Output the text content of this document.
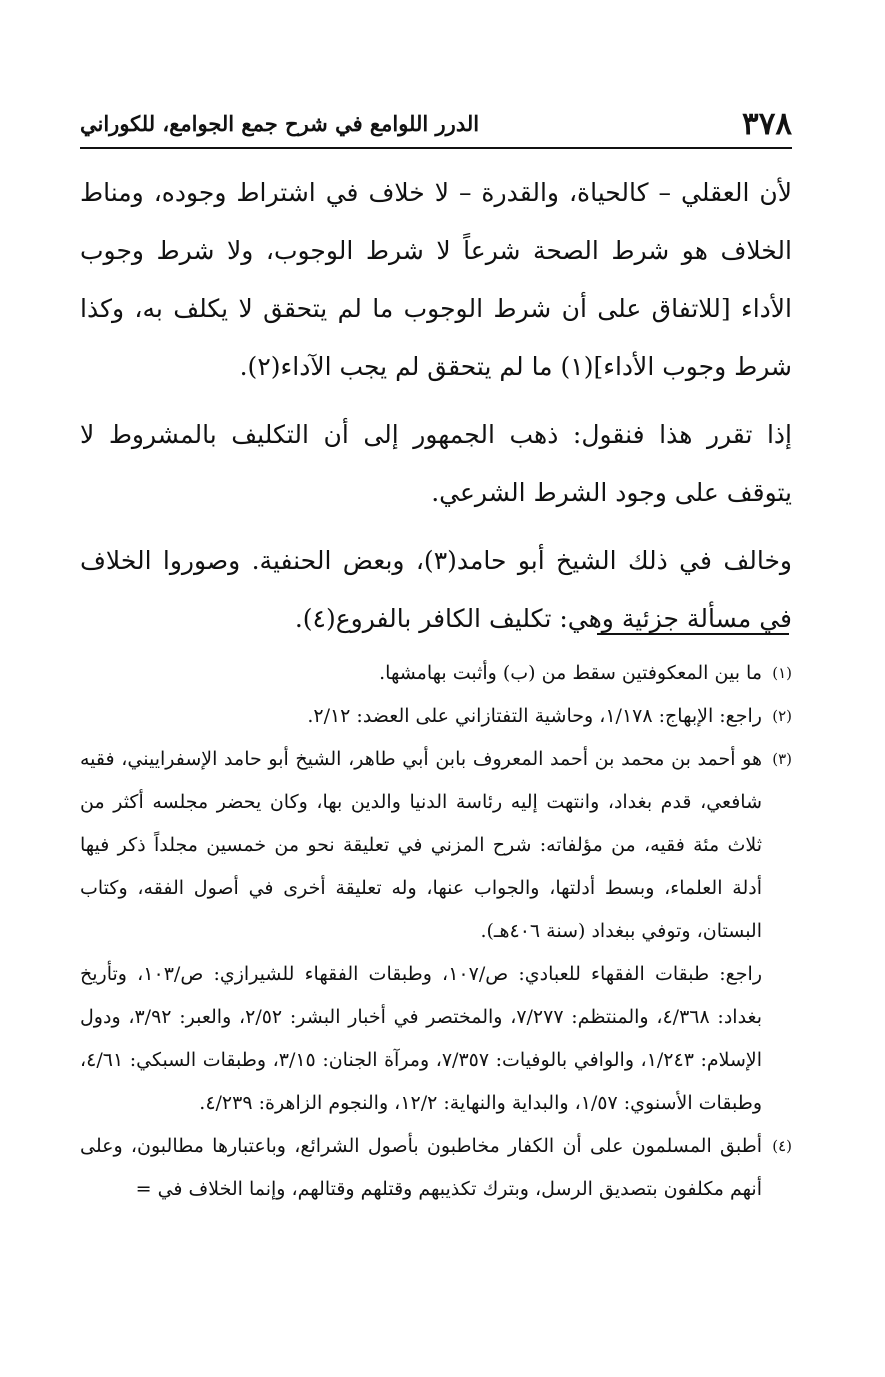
٣٧٨
الدرر اللوامع في شرح جمع الجوامع، للكوراني

لأن العقلي – كالحياة، والقدرة – لا خلاف في اشتراط وجوده، ومناط الخلاف هو شرط الصحة شرعاً لا شرط الوجوب، ولا شرط وجوب الأداء [للاتفاق على أن شرط الوجوب ما لم يتحقق لا يكلف به، وكذا شرط وجوب الأداء](١) ما لم يتحقق لم يجب الآداء(٢).

إذا تقرر هذا فنقول: ذهب الجمهور إلى أن التكليف بالمشروط لا يتوقف على وجود الشرط الشرعي.

وخالف في ذلك الشيخ أبو حامد(٣)، وبعض الحنفية. وصوروا الخلاف في مسألة جزئية وهي: تكليف الكافر بالفروع(٤).

(١)
ما بين المعكوفتين سقط من (ب) وأثبت بهامشها.
(٢)
راجع: الإبهاج: ١/١٧٨، وحاشية التفتازاني على العضد: ٢/١٢.
(٣)
هو أحمد بن محمد بن أحمد المعروف بابن أبي طاهر، الشيخ أبو حامد الإسفراييني، فقيه شافعي، قدم بغداد، وانتهت إليه رئاسة الدنيا والدين بها، وكان يحضر مجلسه أكثر من ثلاث مئة فقيه، من مؤلفاته: شرح المزني في تعليقة نحو من خمسين مجلداً ذكر فيها أدلة العلماء، وبسط أدلتها، والجواب عنها، وله تعليقة أخرى في أصول الفقه، وكتاب البستان، وتوفي ببغداد (سنة ٤٠٦هـ).
راجع: طبقات الفقهاء للعبادي: ص/١٠٧، وطبقات الفقهاء للشيرازي: ص/١٠٣، وتأريخ بغداد: ٤/٣٦٨، والمنتظم: ٧/٢٧٧، والمختصر في أخبار البشر: ٢/٥٢، والعبر: ٣/٩٢، ودول الإسلام: ١/٢٤٣، والوافي بالوفيات: ٧/٣٥٧، ومرآة الجنان: ٣/١٥، وطبقات السبكي: ٤/٦١، وطبقات الأسنوي: ١/٥٧، والبداية والنهاية: ١٢/٢، والنجوم الزاهرة: ٤/٢٣٩.
(٤)
أطبق المسلمون على أن الكفار مخاطبون بأصول الشرائع، وباعتبارها مطالبون، وعلى أنهم مكلفون بتصديق الرسل، وبترك تكذيبهم وقتلهم وقتالهم، وإنما الخلاف في =
